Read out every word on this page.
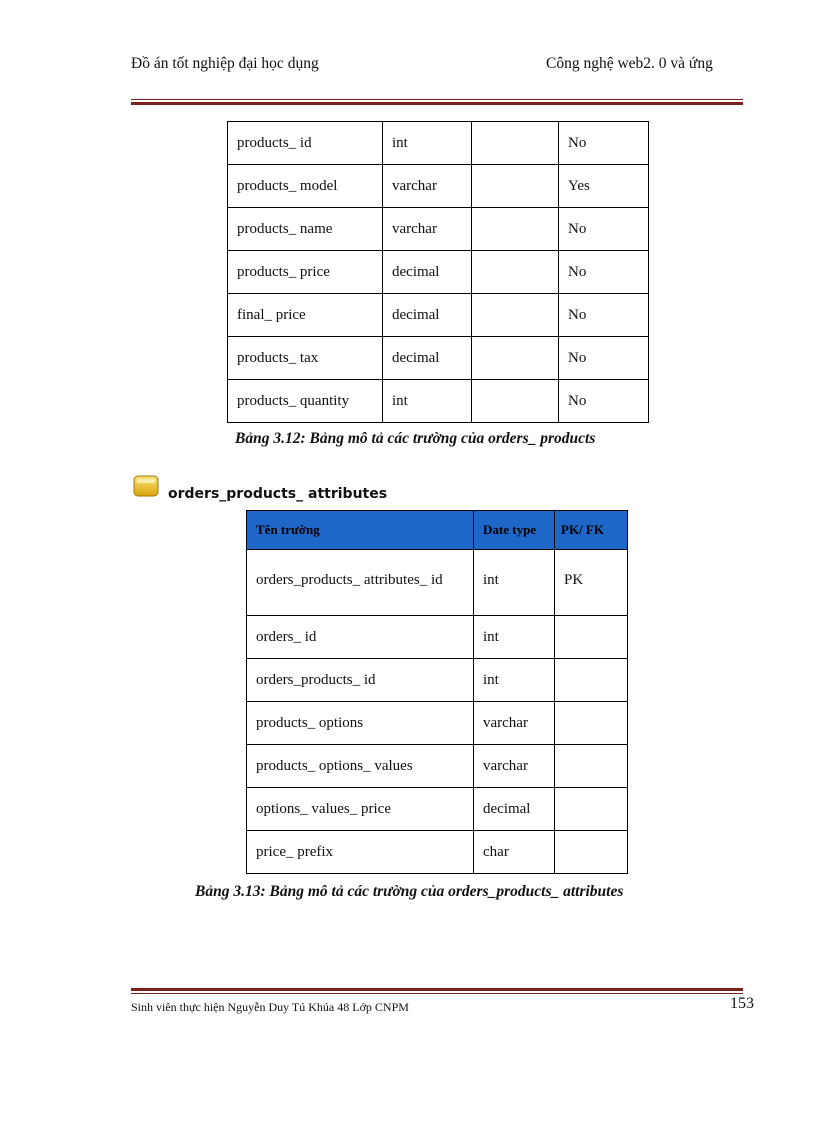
Đồ án tốt nghiệp đại học dụng	Công nghệ web2. 0 và ứng
products_ id	int		No
products_ model	varchar		Yes
products_ name	varchar		No
products_ price	decimal		No
final_ price	decimal		No
products_ tax	decimal		No
products_ quantity	int		No
Bảng 3.12: Bảng mô tả các trường của orders_ products
orders_products_ attributes
Tên trường	Date type	PK/ FK
orders_products_ attributes_ id	int	PK
orders_ id	int	
orders_products_ id	int	
products_ options	varchar	
products_ options_ values	varchar	
options_ values_ price	decimal	
price_ prefix	char	
Bảng 3.13: Bảng mô tả các trường của orders_products_ attributes
Sinh viên thực hiện Nguyễn Duy Tú Khúa 48 Lớp CNPM	153
